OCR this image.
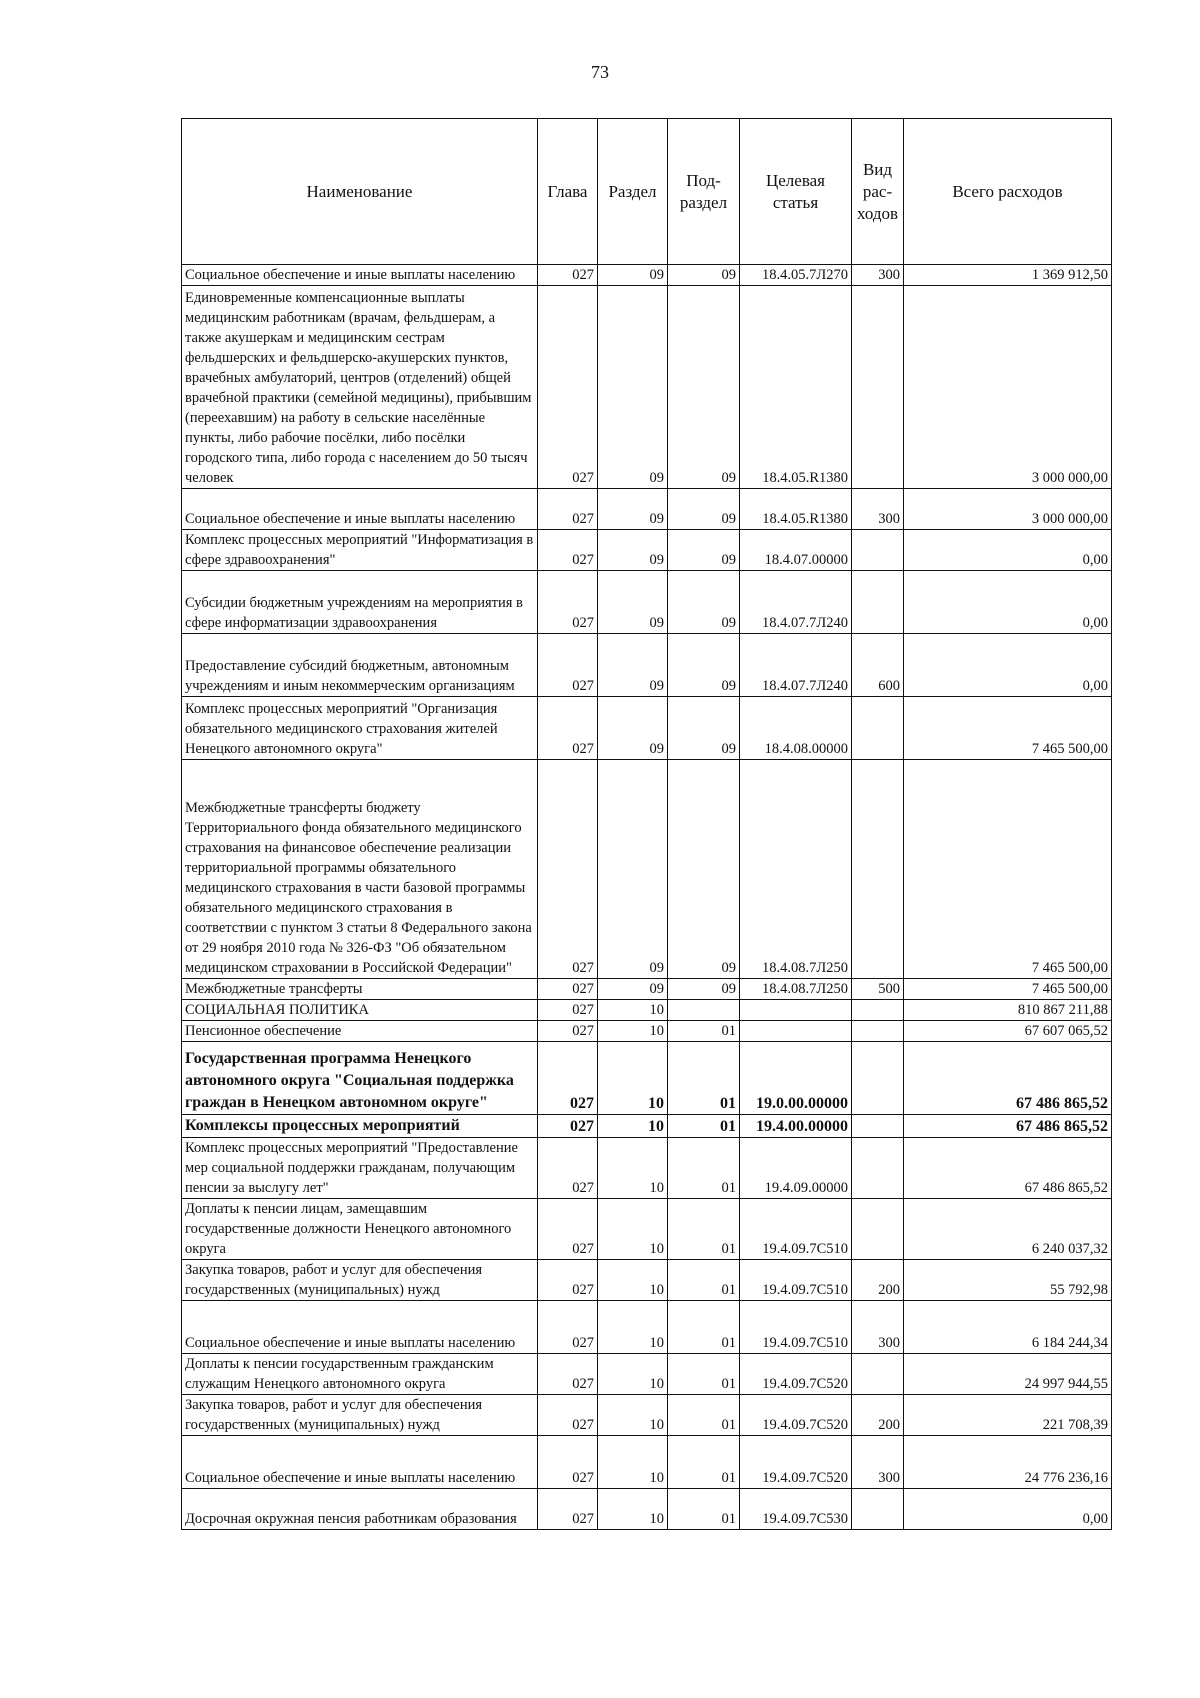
73
Наименование	Глава	Раздел	Под-раздел	Целевая статья	Вид рас-ходов	Всего расходов
Социальное обеспечение и иные выплаты населению	027	09	09	18.4.05.7Л270	300	1 369 912,50
Единовременные компенсационные выплаты медицинским работникам (врачам, фельдшерам, а также акушеркам и медицинским сестрам фельдшерских и фельдшерско-акушерских пунктов, врачебных амбулаторий, центров (отделений) общей врачебной практики (семейной медицины), прибывшим (переехавшим) на работу в сельские населённые пункты, либо рабочие посёлки, либо посёлки городского типа, либо города с населением до 50 тысяч человек	027	09	09	18.4.05.R1380		3 000 000,00
Социальное обеспечение и иные выплаты населению	027	09	09	18.4.05.R1380	300	3 000 000,00
Комплекс процессных мероприятий "Информатизация в сфере здравоохранения"	027	09	09	18.4.07.00000		0,00
Субсидии бюджетным учреждениям на мероприятия в сфере информатизации здравоохранения	027	09	09	18.4.07.7Л240		0,00
Предоставление субсидий бюджетным, автономным учреждениям и иным некоммерческим организациям	027	09	09	18.4.07.7Л240	600	0,00
Комплекс процессных мероприятий "Организация обязательного медицинского страхования жителей Ненецкого автономного округа"	027	09	09	18.4.08.00000		7 465 500,00
Межбюджетные трансферты бюджету Территориального фонда обязательного медицинского страхования на финансовое обеспечение реализации территориальной программы обязательного медицинского страхования в части базовой программы обязательного медицинского страхования в соответствии с пунктом 3 статьи 8 Федерального закона от 29 ноября 2010 года № 326-ФЗ "Об обязательном медицинском страховании в Российской Федерации"	027	09	09	18.4.08.7Л250		7 465 500,00
Межбюджетные трансферты	027	09	09	18.4.08.7Л250	500	7 465 500,00
СОЦИАЛЬНАЯ ПОЛИТИКА	027	10				810 867 211,88
Пенсионное обеспечение	027	10	01			67 607 065,52
Государственная программа Ненецкого автономного округа "Социальная поддержка граждан в Ненецком автономном округе"	027	10	01	19.0.00.00000		67 486 865,52
Комплексы процессных мероприятий	027	10	01	19.4.00.00000		67 486 865,52
Комплекс процессных мероприятий "Предоставление мер социальной поддержки гражданам, получающим пенсии за выслугу лет"	027	10	01	19.4.09.00000		67 486 865,52
Доплаты к пенсии лицам, замещавшим государственные должности Ненецкого автономного округа	027	10	01	19.4.09.7С510		6 240 037,32
Закупка товаров, работ и услуг для обеспечения государственных (муниципальных) нужд	027	10	01	19.4.09.7С510	200	55 792,98
Социальное обеспечение и иные выплаты населению	027	10	01	19.4.09.7С510	300	6 184 244,34
Доплаты к пенсии государственным гражданским служащим Ненецкого автономного округа	027	10	01	19.4.09.7С520		24 997 944,55
Закупка товаров, работ и услуг для обеспечения государственных (муниципальных) нужд	027	10	01	19.4.09.7С520	200	221 708,39
Социальное обеспечение и иные выплаты населению	027	10	01	19.4.09.7С520	300	24 776 236,16
Досрочная окружная пенсия работникам образования	027	10	01	19.4.09.7С530		0,00
